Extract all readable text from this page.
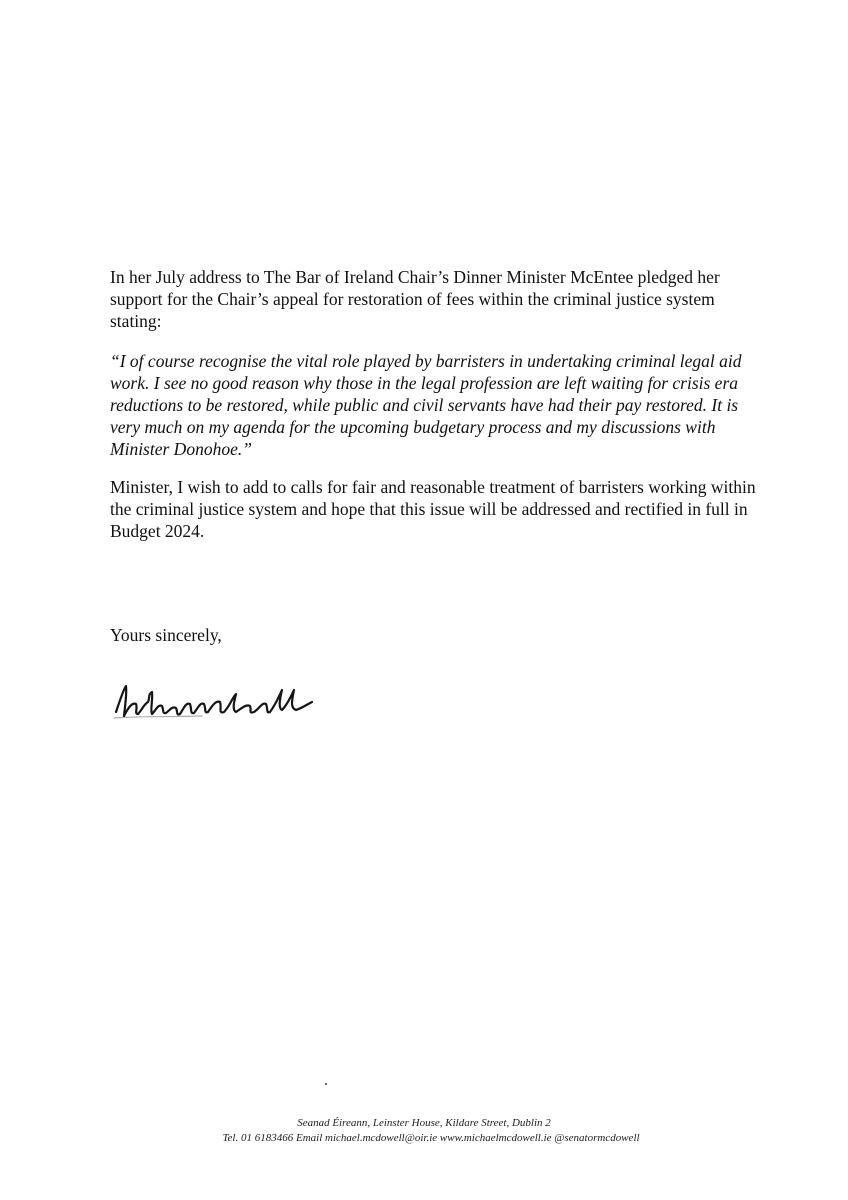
In her July address to The Bar of Ireland Chair’s Dinner Minister McEntee pledged her support for the Chair’s appeal for restoration of fees within the criminal justice system stating:

“I of course recognise the vital role played by barristers in undertaking criminal legal aid work. I see no good reason why those in the legal profession are left waiting for crisis era reductions to be restored, while public and civil servants have had their pay restored. It is very much on my agenda for the upcoming budgetary process and my discussions with Minister Donohoe.”

Minister, I wish to add to calls for fair and reasonable treatment of barristers working within the criminal justice system and hope that this issue will be addressed and rectified in full in Budget 2024.

Yours sincerely,

Seanad Éireann, Leinster House, Kildare Street, Dublin 2
Tel. 01 6183466 Email michael.mcdowell@oir.ie www.michaelmcdowell.ie @senatormcdowell
